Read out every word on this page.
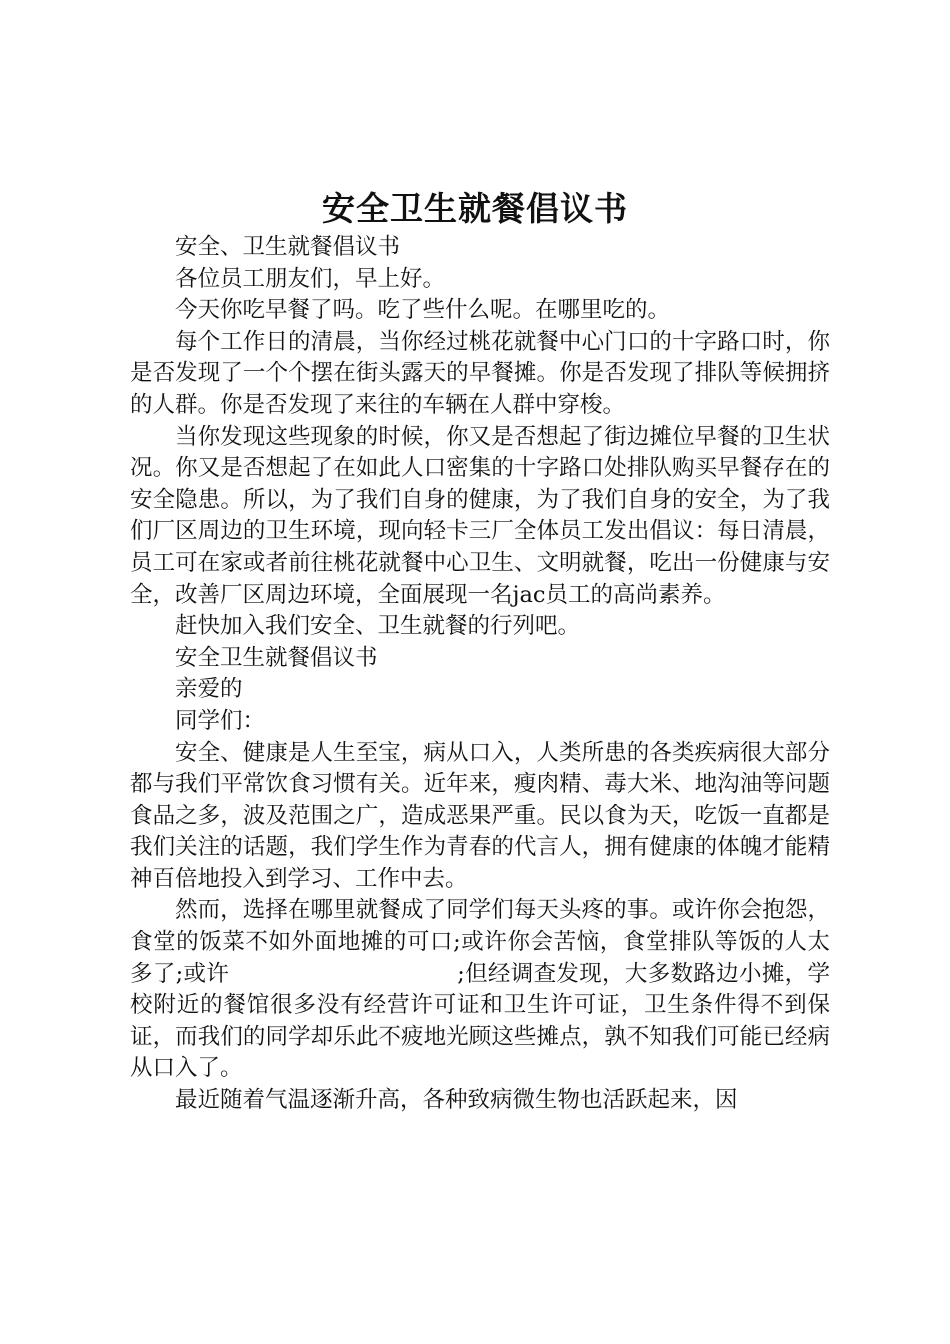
安全卫生就餐倡议书

安全、卫生就餐倡议书

各位员工朋友们，早上好。

今天你吃早餐了吗。吃了些什么呢。在哪里吃的。

每个工作日的清晨，当你经过桃花就餐中心门口的十字路口时，你是否发现了一个个摆在街头露天的早餐摊。你是否发现了排队等候拥挤的人群。你是否发现了来往的车辆在人群中穿梭。

当你发现这些现象的时候，你又是否想起了街边摊位早餐的卫生状况。你又是否想起了在如此人口密集的十字路口处排队购买早餐存在的安全隐患。所以，为了我们自身的健康，为了我们自身的安全，为了我们厂区周边的卫生环境，现向轻卡三厂全体员工发出倡议：每日清晨，员工可在家或者前往桃花就餐中心卫生、文明就餐，吃出一份健康与安全，改善厂区周边环境，全面展现一名jac员工的高尚素养。

赶快加入我们安全、卫生就餐的行列吧。

安全卫生就餐倡议书

亲爱的

同学们：

安全、健康是人生至宝，病从口入，人类所患的各类疾病很大部分都与我们平常饮食习惯有关。近年来，瘦肉精、毒大米、地沟油等问题食品之多，波及范围之广，造成恶果严重。民以食为天，吃饭一直都是我们关注的话题，我们学生作为青春的代言人，拥有健康的体魄才能精神百倍地投入到学习、工作中去。

然而，选择在哪里就餐成了同学们每天头疼的事。或许你会抱怨，食堂的饭菜不如外面地摊的可口;或许你会苦恼，食堂排队等饭的人太多了;或许	;但经调查发现，大多数路边小摊，学校附近的餐馆很多没有经营许可证和卫生许可证，卫生条件得不到保证，而我们的同学却乐此不疲地光顾这些摊点，孰不知我们可能已经病从口入了。

最近随着气温逐渐升高，各种致病微生物也活跃起来，因
